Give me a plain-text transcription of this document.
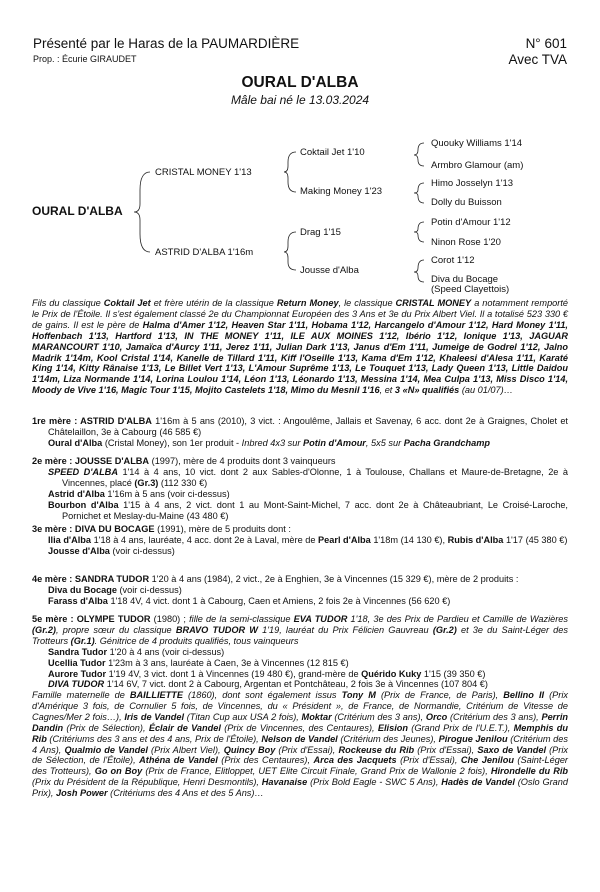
Présenté par le Haras de la PAUMARDIÈRE
Prop. : Écurie GIRAUDET
N° 601
Avec TVA
OURAL D'ALBA
Mâle bai né le 13.03.2024
OURAL D'ALBA
CRISTAL MONEY 1'13
ASTRID D'ALBA 1'16m
Coktail Jet 1'10
Making Money 1'23
Drag 1'15
Jousse d'Alba
Quouky Williams 1'14
Armbro Glamour (am)
Himo Josselyn 1'13
Dolly du Buisson
Potin d'Amour 1'12
Ninon Rose 1'20
Corot 1'12
Diva du Bocage
(Speed Clayettois)

Fils du classique Coktail Jet et frère utérin de la classique Return Money, le classique CRISTAL MONEY a notamment remporté le Prix de l'Étoile. Il s'est également classé 2e du Championnat Européen des 3 Ans et 3e du Prix Albert Viel. Il a totalisé 523 330 € de gains. Il est le père de Halma d'Amer 1'12, Heaven Star 1'11, Hobama 1'12, Harcangelo d'Amour 1'12, Hard Money 1'11, Hoffenbach 1'13, Hartford 1'13, IN THE MONEY 1'11, ILE AUX MOINES 1'12, Ibério 1'12, Ionique 1'13, JAGUAR MARANCOURT 1'10, Jamaïca d'Aurcy 1'11, Jerez 1'11, Julian Dark 1'13, Janus d'Em 1'11, Jumeige de Godrel 1'12, Jalno Madrik 1'14m, Kool Cristal 1'14, Kanelle de Tillard 1'11, Kiff l'Oseille 1'13, Kama d'Em 1'12, Khaleesi d'Alesa 1'11, Karaté King 1'14, Kitty Rânaise 1'13, Le Billet Vert 1'13, L'Amour Suprême 1'13, Le Touquet 1'13, Lady Queen 1'13, Little Daidou 1'14m, Liza Normande 1'14, Lorina Loulou 1'14, Léon 1'13, Léonardo 1'13, Messina 1'14, Mea Culpa 1'13, Miss Disco 1'14, Moody de Vive 1'16, Magic Tour 1'15, Mojito Castelets 1'18, Mimo du Mesnil 1'16, et 3 «N» qualifiés (au 01/07)…

1re mère : ASTRID D'ALBA 1'16m à 5 ans (2010), 3 vict. : Angoulême, Jallais et Savenay, 6 acc. dont 2e à Graignes, Cholet et Châtelaillon, 3e à Cabourg (46 585 €)

Oural d'Alba (Cristal Money), son 1er produit - Inbred 4x3 sur Potin d'Amour, 5x5 sur Pacha Grandchamp

2e mère : JOUSSE D'ALBA (1997), mère de 4 produits dont 3 vainqueurs

SPEED D'ALBA 1'14 à 4 ans, 10 vict. dont 2 aux Sables-d'Olonne, 1 à Toulouse, Challans et Maure-de-Bretagne, 2e à Vincennes, placé (Gr.3) (112 330 €)

Astrid d'Alba 1'16m à 5 ans (voir ci-dessus)

Bourbon d'Alba 1'15 à 4 ans, 2 vict. dont 1 au Mont-Saint-Michel, 7 acc. dont 2e à Châteaubriant, Le Croisé-Laroche, Pornichet et Meslay-du-Maine (43 480 €)

3e mère : DIVA DU BOCAGE (1991), mère de 5 produits dont :

Ilia d'Alba 1'18 à 4 ans, lauréate, 4 acc. dont 2e à Laval, mère de Pearl d'Alba 1'18m (14 130 €), Rubis d'Alba 1'17 (45 380 €)

Jousse d'Alba (voir ci-dessus)

4e mère : SANDRA TUDOR 1'20 à 4 ans (1984), 2 vict., 2e à Enghien, 3e à Vincennes (15 329 €), mère de 2 produits :

Diva du Bocage (voir ci-dessus)

Farass d'Alba 1'18 4V, 4 vict. dont 1 à Cabourg, Caen et Amiens, 2 fois 2e à Vincennes (56 620 €)

5e mère : OLYMPE TUDOR (1980) ; fille de la semi-classique EVA TUDOR 1'18, 3e des Prix de Pardieu et Camille de Wazières (Gr.2), propre sœur du classique BRAVO TUDOR W 1'19, lauréat du Prix Félicien Gauvreau (Gr.2) et 3e du Saint-Léger des Trotteurs (Gr.1). Génitrice de 4 produits qualifiés, tous vainqueurs

Sandra Tudor 1'20 à 4 ans (voir ci-dessus)

Ucellia Tudor 1'23m à 3 ans, lauréate à Caen, 3e à Vincennes (12 815 €)

Aurore Tudor 1'19 4V, 3 vict. dont 1 à Vincennes (19 480 €), grand-mère de Quérido Kuky 1'15 (39 350 €)

DIVA TUDOR 1'14 6V, 7 vict. dont 2 à Cabourg, Argentan et Pontchâteau, 2 fois 3e à Vincennes (107 804 €)

Famille maternelle de BAILLIETTE (1860), dont sont également issus Tony M (Prix de France, de Paris), Bellino II (Prix d'Amérique 3 fois, de Cornulier 5 fois, de Vincennes, du « Président », de France, de Normandie, Critérium de Vitesse de Cagnes/Mer 2 fois…), Iris de Vandel (Titan Cup aux USA 2 fois), Moktar (Critérium des 3 ans), Orco (Critérium des 3 ans), Perrin Dandin (Prix de Sélection), Éclair de Vandel (Prix de Vincennes, des Centaures), Elision (Grand Prix de l'U.E.T.), Memphis du Rib (Critériums des 3 ans et des 4 ans, Prix de l'Étoile), Nelson de Vandel (Critérium des Jeunes), Pirogue Jenilou (Critérium des 4 Ans), Qualmio de Vandel (Prix Albert Viel), Quincy Boy (Prix d'Essai), Rockeuse du Rib (Prix d'Essai), Saxo de Vandel (Prix de Sélection, de l'Étoile), Athéna de Vandel (Prix des Centaures), Arca des Jacquets (Prix d'Essai), Che Jenilou (Saint-Léger des Trotteurs), Go on Boy (Prix de France, Elitloppet, UET Elite Circuit Finale, Grand Prix de Wallonie 2 fois), Hirondelle du Rib (Prix du Président de la République, Henri Desmontils), Havanaise (Prix Bold Eagle - SWC 5 Ans), Hadès de Vandel (Oslo Grand Prix), Josh Power (Critériums des 4 Ans et des 5 Ans)…
